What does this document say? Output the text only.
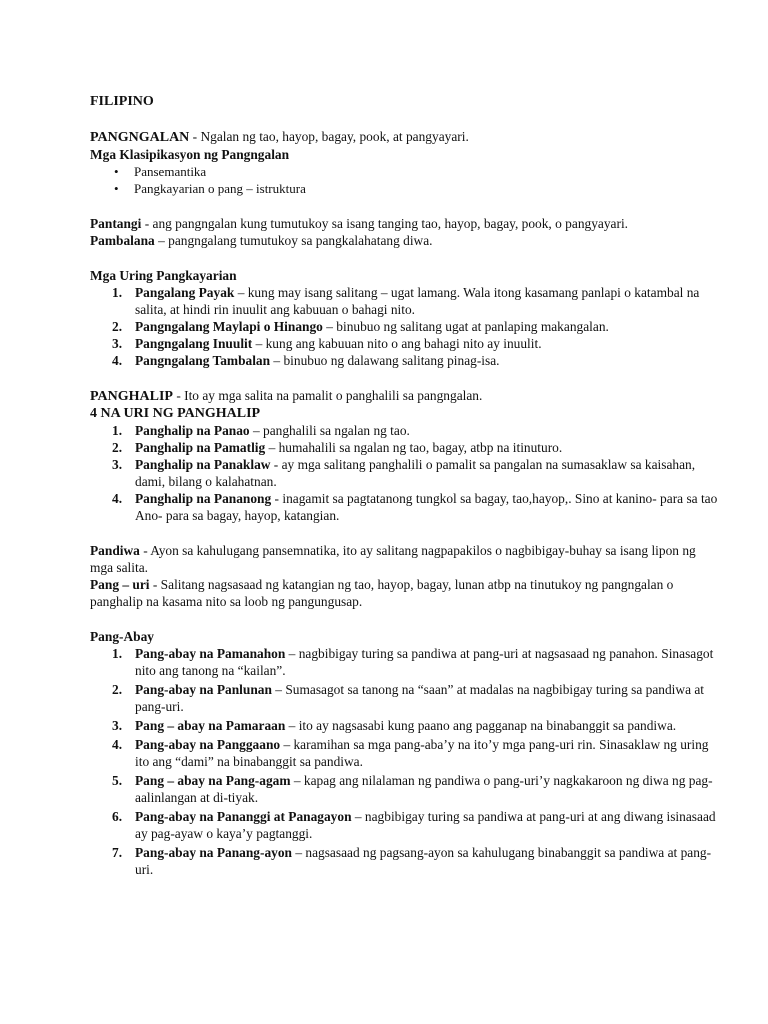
FILIPINO

PANGNGALAN - Ngalan ng tao, hayop, bagay, pook, at pangyayari.

Mga Klasipikasyon ng Pangngalan

• Pansemantika
• Pangkayarian o pang – istruktura

Pantangi - ang pangngalan kung tumutukoy sa isang tanging tao, hayop, bagay, pook, o pangyayari.

Pambalana – pangngalang tumutukoy sa pangkalahatang diwa.

Mga Uring Pangkayarian

1. Pangalang Payak – kung may isang salitang – ugat lamang. Wala itong kasamang panlapi o katambal na salita, at hindi rin inuulit ang kabuuan o bahagi nito.
2. Pangngalang Maylapi o Hinango – binubuo ng salitang ugat at panlaping makangalan.
3. Pangngalang Inuulit – kung ang kabuuan nito o ang bahagi nito ay inuulit.
4. Pangngalang Tambalan – binubuo ng dalawang salitang pinag-isa.

PANGHALIP - Ito ay mga salita na pamalit o panghalili sa pangngalan.

4 NA URI NG PANGHALIP

1. Panghalip na Panao – panghalili sa ngalan ng tao.
2. Panghalip na Pamatlig – humahalili sa ngalan ng tao, bagay, atbp na itinuturo.
3. Panghalip na Panaklaw - ay mga salitang panghalili o pamalit sa pangalan na sumasaklaw sa kaisahan, dami, bilang o kalahatnan.
4. Panghalip na Pananong - inagamit sa pagtatanong tungkol sa bagay, tao,hayop,. Sino at kanino- para sa tao Ano- para sa bagay, hayop, katangian.

Pandiwa - Ayon sa kahulugang pansemnatika, ito ay salitang nagpapakilos o nagbibigay-buhay sa isang lipon ng mga salita.

Pang – uri - Salitang nagsasaad ng katangian ng tao, hayop, bagay, lunan atbp na tinutukoy ng pangngalan o panghalip na kasama nito sa loob ng pangungusap.

Pang-Abay

1. Pang-abay na Pamanahon – nagbibigay turing sa pandiwa at pang-uri at nagsasaad ng panahon. Sinasagot nito ang tanong na “kailan”.
2. Pang-abay na Panlunan – Sumasagot sa tanong na “saan” at madalas na nagbibigay turing sa pandiwa at pang-uri.
3. Pang – abay na Pamaraan – ito ay nagsasabi kung paano ang pagganap na binabanggit sa pandiwa.
4. Pang-abay na Panggaano – karamihan sa mga pang-aba’y na ito’y mga pang-uri rin. Sinasaklaw ng uring ito ang “dami” na binabanggit sa pandiwa.
5. Pang – abay na Pang-agam – kapag ang nilalaman ng pandiwa o pang-uri’y nagkakaroon ng diwa ng pag-aalinlangan at di-tiyak.
6. Pang-abay na Pananggi at Panagayon – nagbibigay turing sa pandiwa at pang-uri at ang diwang isinasaad ay pag-ayaw o kaya’y pagtanggi.
7. Pang-abay na Panang-ayon – nagsasaad ng pagsang-ayon sa kahulugang binabanggit sa pandiwa at pang-uri.
